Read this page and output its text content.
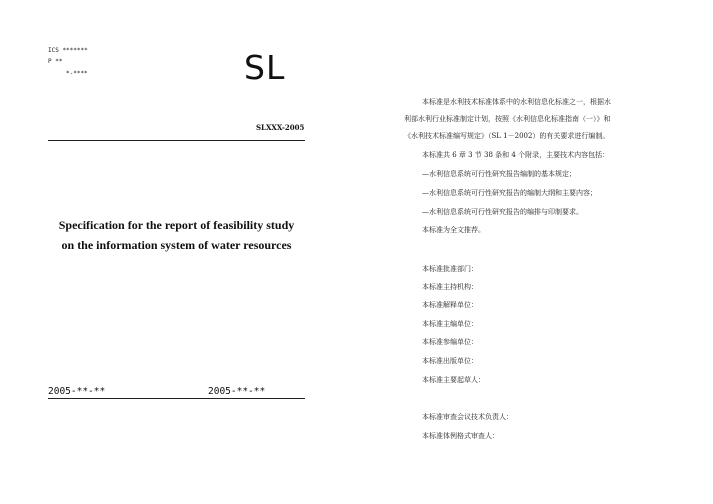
ICS *******
P **
*-****	SL
SLXXX-2005
Specification for the report of feasibility study
on the information system of water resources
2005-**-**	2005-**-**
本标准是水利技术标准体系中的水利信息化标准之一，根据水
利部水利行业标准制定计划，按照《水利信息化标准指南（一）》和
《水利技术标准编写规定》（SL 1－2002）的有关要求进行编制。
本标准共 6 章 3 节 38 条和 4 个附录，主要技术内容包括：
—水利信息系统可行性研究报告编制的基本规定；
—水利信息系统可行性研究报告的编制大纲和主要内容；
—水利信息系统可行性研究报告的编排与印制要求。
本标准为全文推荐。
本标准批准部门：
本标准主持机构：
本标准解释单位：
本标准主编单位：
本标准参编单位：
本标准出版单位：
本标准主要起草人：
本标准审查会议技术负责人：
本标准体例格式审查人：
